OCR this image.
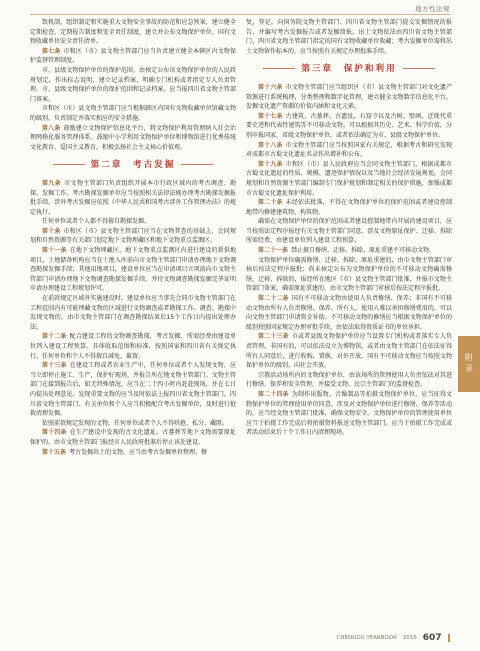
地方性法规

致机制，组织制定和实施重大文物安全事故的防范和应急预案，建立健全定期检查、定期报告制度和安全责任制度，建立并公布文物保护单位、国有文物收藏单位安全责任清单。

第七条 市和区（市）县文物主管部门应当负责建立健全本辖区内文物保护监督管理制度。

市、县级文物保护单位的保护范围，由核定公布该文物保护单位的人民政府划定，作出标志说明，建立记录档案，明确专门机构或者指定专人负责管理。市、县级文物保护单位的保护范围和记录档案，应当报四川省文物主管部门备案。

市和区（市）县文物主管部门应当根据辖区内国有文物收藏单位馆藏文物的级别，负责制定并落实相应的安全措施。

第八条 鼓励建立文物保护信息化平台，将文物保护利用管理纳入社会治理网格化服务管理体系。鼓励中小学利用文物保护单位和博物馆进行优秀传统文化教育，爱国主义教育，积极弘扬社会主义核心价值观。

第二章　考古发掘

第九条 市文物主管部门负责组织开展本市行政区域内的考古调查、勘探、发掘工作。考古勘探发掘单位应当按照相关法律法规办理考古勘探发掘报批手续。涉外考古发掘应依照《中华人民共和国考古涉外工作管理办法》的规定执行。

任何单位或者个人都不得擅自勘探发掘。

第十条 市和区（市）县文物主管部门应当在文物普查的基础上，会同规划和自然资源等有关部门划定地下文物埋藏区和地下文物重点监测区。

第十一条 在地下文物埋藏区、地下文物重点监测区内进行建设的新供地项目，土地储备机构应当在土地入库前向市文物主管部门申请办理地下文物调查勘探发掘手续；其他用地项目，建设单位应当在申请项目立项前向市文物主管部门申请办理地下文物调查勘探发掘手续，并待文物调查勘探发掘完毕证明申请办理建设工程规划许可。

在前款规定区域外实施建设时，建设单位应当事先会同市文物主管部门在工程范围内有可能埋藏文物的区域进行文物调查或者勘探工作。调查、勘探中发现文物的，由市文物主管部门在调查勘探结果后15个工作日内提出处理办法。

第十二条 配合建设工程的文物调查勘探，考古发掘，所需经费由建设单位列入建设工程预算。具体收取范围和标准，按照国家和四川省有关规定执行，任何单位和个人不得擅自减免、截留。

第十三条 在建设工程或者农业生产中，任何单位或者个人发现文物，应当立即停止施工、生产，保护好现场，并报告所在地文物主管部门。文物主管部门在接到报告后，如无特殊情况，应当在二十四小时内赶赴现场，并在七日内提出处理意见。发现重要文物的应当及时依法上报四川省文物主管部门，四川省文物主管部门、有关单位和个人应当积极配合考古发掘单位，及时进行抢救清理发掘。

依照前款规定发现的文物，任何单位或者个人不得哄抢、私分、藏匿。

第十四条 在生产建设中发现的古文化遗址、古墓葬等地下文物需要原址保护的，由市文物主管部门报经市人民政府批准后停止该处建设。

第十五条 考古发掘出土的文物，应当由考古发掘单位整理、修

复，登记，向国务院文物主管部门、四川省文物主管部门提交发掘情况的报告，并编写考古发掘报告或者发掘简报。出土文物依法由四川省文物主管部门、四川省文物主管部门指定的国有文物收藏单位收藏；考古发掘单位需将出土文物留作标本的，应当按照有关规定办理批准手续。

第三章　保护和利用

第十六条 市文物主管部门应当组织区（市）县文物主管部门对文化遗产资源进行系统梳理，分类整理和数字化管理，建立健全文物数字信息化平台，发掘文化遗产资源的价值内涵和文化元素。

第十七条 古建筑、古墓葬、古遗址、石窟寺以及古树、壁画、近现代重要史迹和代表性建筑等不可移动文物，可以根据其历史、艺术、科学价值，分别申报国家、省级文物保护单位，或者依法确定为市、县级文物保护单位。

第十八条 市文物主管部门应当按照国家有关规定，根据考古和研究发现对成都市古蜀文化遗址名录作出增补和公布。

第十九条 市和区（市）县人民政府应当会同文物主管部门，根据成都市古蜀文化遗址的性质、规模、遗迹保护情况以及当地社会经济发展规划，会同规划和自然资源主管部门编制专门保护规划和制定相关的保护措施，加强成都市古蜀文化遗址保护利用。

第二十条 未经依法批准，不得在文物保护单位的保护范围或者建设控制地带内修建建筑物、构筑物。

确需在文物保护单位的保护范围或者建设控制地带内开展的建设项目，应当按照法定程序报经有关文物主管部门同意。涉及文物原址保护、迁移、拆除所需经费，由建设单位列入建设工程预算。

第二十一条 禁止擅自修缮、迁移、拆除、原址重建不可移动文物。

文物保护单位确需修缮、迁移、拆除、原址重建的，由市文物主管部门审核后按法定程序报批；尚未核定公布为文物保护单位的不可移动文物确需修缮、迁移、拆除的，报经所在地区（市）县文物主管部门批准，并报市文物主管部门备案，确需原址重建的，由市文物主管部门审核后按法定程序报批。

第二十二条 国有不可移动文物由使用人负责修缮、保养；非国有不可移动文物由所有人负责修缮、保养。所有人、使用人难以承担修缮费用的，可以向文物主管部门申请资金补助。不可移动文物的修缮应当根据文物保护单位的级别按照国家规定办理审批手续，由依法取得资质证书的单位承担。

第二十三条 市或者县级文物保护单位应当设置专门机构或者落实专人负责管理。非国有的，可以依法设立为博物馆，或者由文物主管部门在依法征得所有人同意后，进行收购、置换、对外开放。国有不可移动文物应当按照文物保护单位的级别，向社会开放。

宗教活动场所内的文物保护单位，由该场所的管理使用人负责依法对其进行修缮、保养和安全管理，并接受文物、民宗主管部门的监督检查。

第二十四条 为制作出版物、音像制品等拍摄文物保护单位，应当征得文物保护单位的管理使用单位同意。涉及对文物保护单位进行修缮、保养等活动的，应当经文物主管部门批准，确保文物安全。文物保护单位的管理使用单位应当于拍摄工作完成后将拍摄资料报送文物主管部门。应当于拍摄工作完成或者活动结束后十个工作日内清理现场。

附录
CHENGDU YEARBOOK 2016 607
